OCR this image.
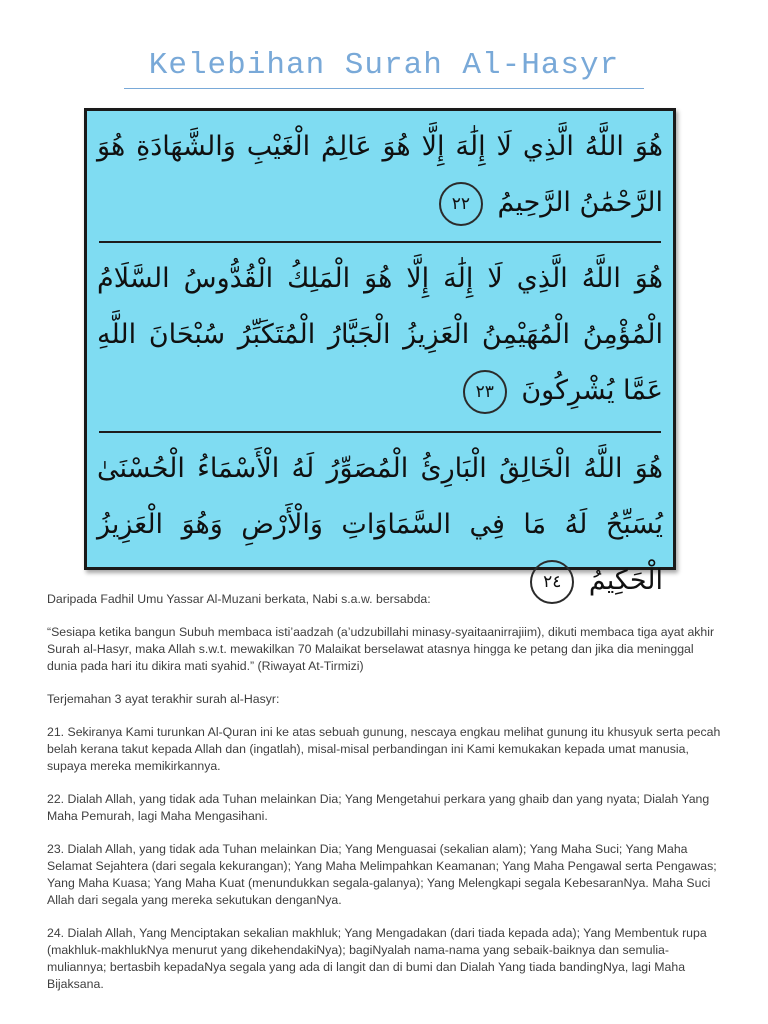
Kelebihan Surah Al-Hasyr
هُوَ اللَّهُ الَّذِي لَا إِلَٰهَ إِلَّا هُوَ عَالِمُ الْغَيْبِ وَالشَّهَادَةِ هُوَ الرَّحْمَٰنُ الرَّحِيمُ ٢٢
هُوَ اللَّهُ الَّذِي لَا إِلَٰهَ إِلَّا هُوَ الْمَلِكُ الْقُدُّوسُ السَّلَامُ الْمُؤْمِنُ الْمُهَيْمِنُ الْعَزِيزُ الْجَبَّارُ الْمُتَكَبِّرُ سُبْحَانَ اللَّهِ عَمَّا يُشْرِكُونَ ٢٣
هُوَ اللَّهُ الْخَالِقُ الْبَارِئُ الْمُصَوِّرُ لَهُ الْأَسْمَاءُ الْحُسْنَىٰ يُسَبِّحُ لَهُ مَا فِي السَّمَاوَاتِ وَالْأَرْضِ وَهُوَ الْعَزِيزُ الْحَكِيمُ ٢٤

Daripada Fadhil Umu Yassar Al-Muzani berkata, Nabi s.a.w. bersabda:

“Sesiapa ketika bangun Subuh membaca isti’aadzah (a’udzubillahi minasy-syaitaanirrajiim), dikuti membaca tiga ayat akhir Surah al-Hasyr, maka Allah s.w.t. mewakilkan 70 Malaikat berselawat atasnya hingga ke petang dan jika dia meninggal dunia pada hari itu dikira mati syahid.” (Riwayat At-Tirmizi)

Terjemahan 3 ayat terakhir surah al-Hasyr:

21. Sekiranya Kami turunkan Al-Quran ini ke atas sebuah gunung, nescaya engkau melihat gunung itu khusyuk serta pecah belah kerana takut kepada Allah dan (ingatlah), misal-misal perbandingan ini Kami kemukakan kepada umat manusia, supaya mereka memikirkannya.

22. Dialah Allah, yang tidak ada Tuhan melainkan Dia; Yang Mengetahui perkara yang ghaib dan yang nyata; Dialah Yang Maha Pemurah, lagi Maha Mengasihani.

23. Dialah Allah, yang tidak ada Tuhan melainkan Dia; Yang Menguasai (sekalian alam); Yang Maha Suci; Yang Maha Selamat Sejahtera (dari segala kekurangan); Yang Maha Melimpahkan Keamanan; Yang Maha Pengawal serta Pengawas; Yang Maha Kuasa; Yang Maha Kuat (menundukkan segala-galanya); Yang Melengkapi segala KebesaranNya. Maha Suci Allah dari segala yang mereka sekutukan denganNya.

24. Dialah Allah, Yang Menciptakan sekalian makhluk; Yang Mengadakan (dari tiada kepada ada); Yang Membentuk rupa (makhluk-makhlukNya menurut yang dikehendakiNya); bagiNyalah nama-nama yang sebaik-baiknya dan semulia-muliannya; bertasbih kepadaNya segala yang ada di langit dan di bumi dan Dialah Yang tiada bandingNya, lagi Maha Bijaksana.
